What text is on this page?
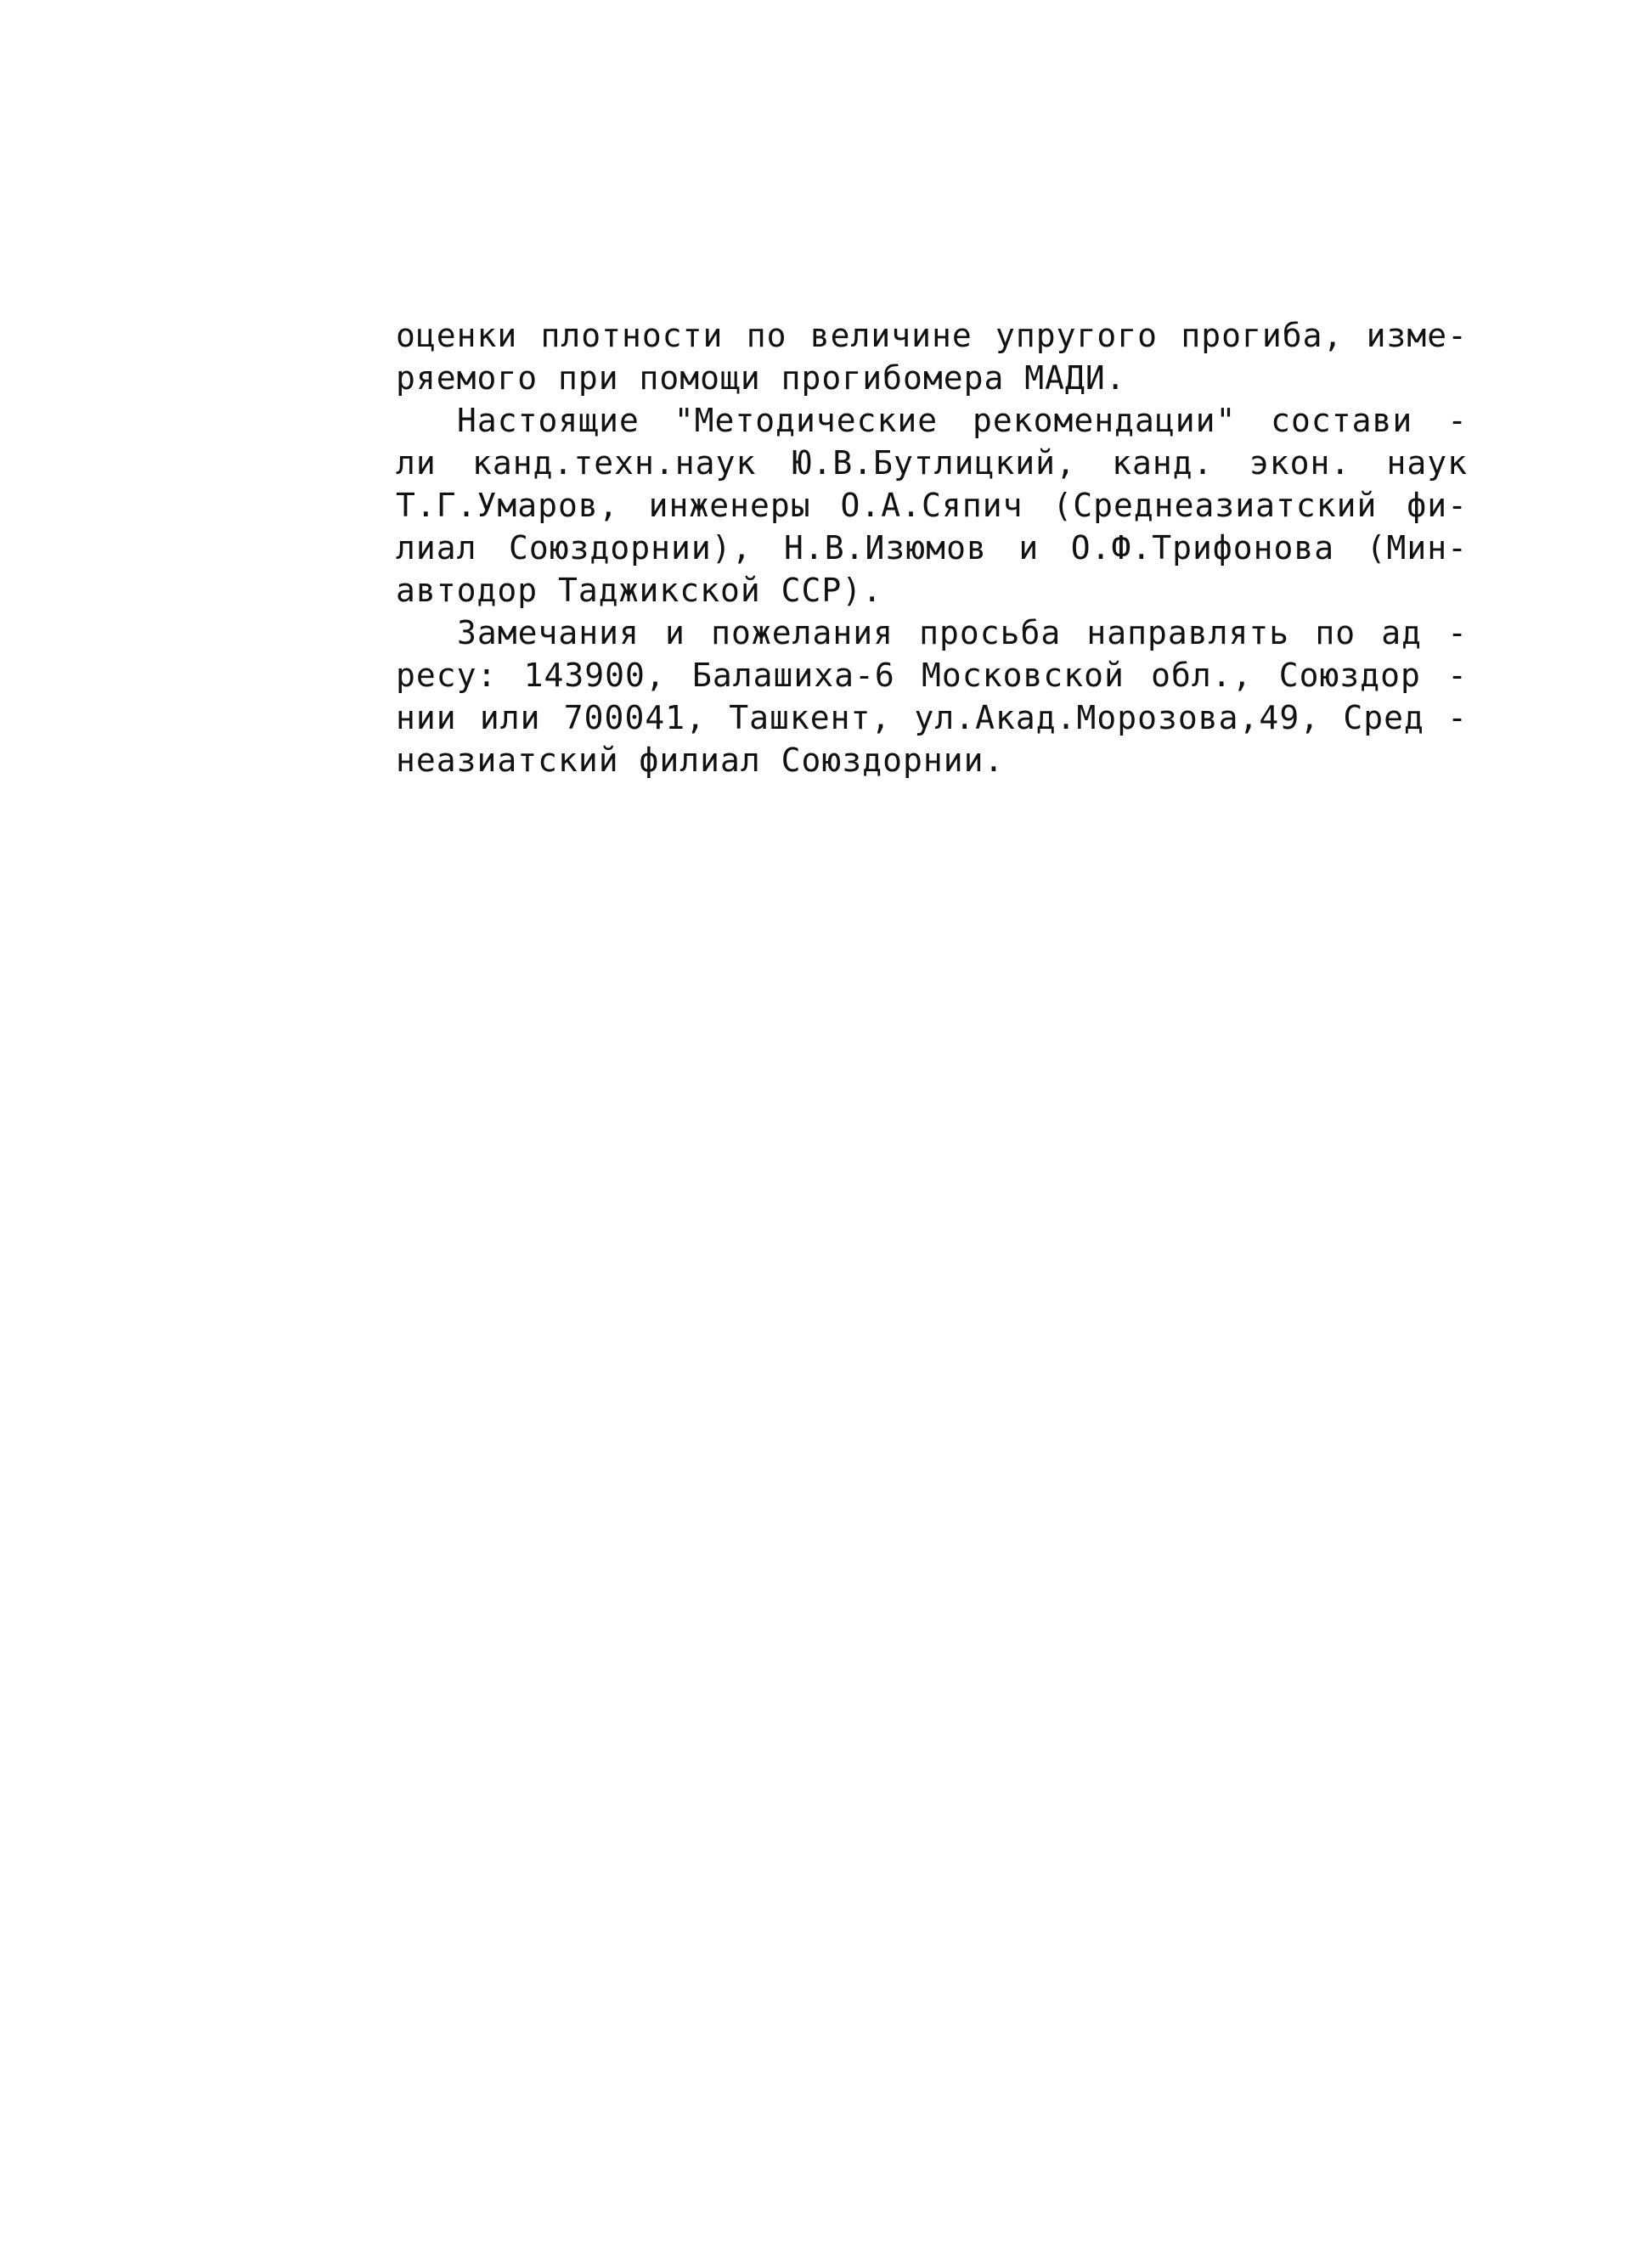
оценки плотности по величине упругого прогиба, изме-
ряемого при помощи прогибомера МАДИ.
Настоящие "Методические рекомендации" состави -
ли канд.техн.наук Ю.В.Бутлицкий, канд. экон. наук
Т.Г.Умаров, инженеры О.А.Сяпич (Среднеазиатский фи-
лиал Союздорнии), Н.В.Изюмов и О.Ф.Трифонова (Мин-
автодор Таджикской ССР).
Замечания и пожелания просьба направлять по ад -
ресу: 143900, Балашиха-6 Московской обл., Союздор -
нии или 700041, Ташкент, ул.Акад.Морозова,49, Сред -
неазиатский филиал Союздорнии.
